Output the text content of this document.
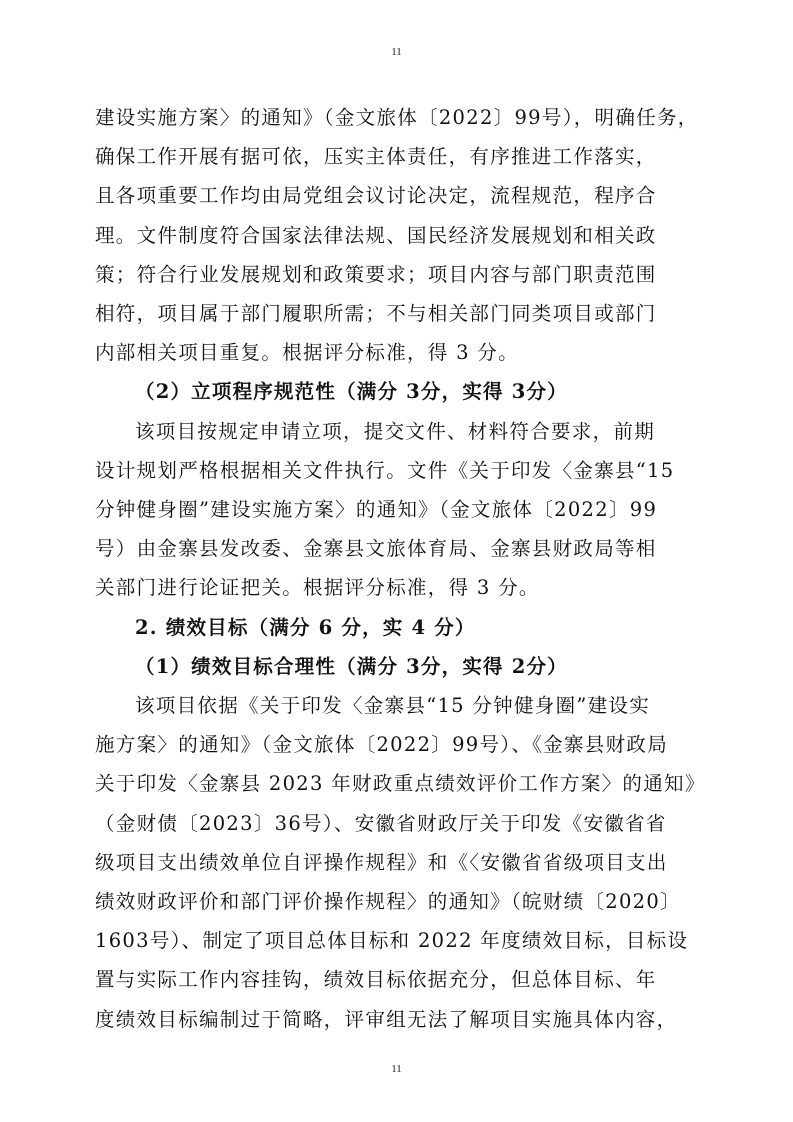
11

建设实施方案〉的通知》（金文旅体〔2022〕99号），明确任务，
确保工作开展有据可依，压实主体责任，有序推进工作落实，
且各项重要工作均由局党组会议讨论决定，流程规范，程序合
理。文件制度符合国家法律法规、国民经济发展规划和相关政
策；符合行业发展规划和政策要求；项目内容与部门职责范围
相符，项目属于部门履职所需；不与相关部门同类项目或部门
内部相关项目重复。根据评分标准，得 3 分。

（2）立项程序规范性（满分 3分，实得 3分）

该项目按规定申请立项，提交文件、材料符合要求，前期
设计规划严格根据相关文件执行。文件《关于印发〈金寨县“15
分钟健身圈”建设实施方案〉的通知》（金文旅体〔2022〕99
号）由金寨县发改委、金寨县文旅体育局、金寨县财政局等相
关部门进行论证把关。根据评分标准，得 3 分。

2. 绩效目标（满分 6 分，实 4 分）

（1）绩效目标合理性（满分 3分，实得 2分）

该项目依据《关于印发〈金寨县“15 分钟健身圈”建设实
施方案〉的通知》（金文旅体〔2022〕99号）、《金寨县财政局
关于印发〈金寨县 2023 年财政重点绩效评价工作方案〉的通知》
（金财债〔2023〕36号）、安徽省财政厅关于印发《安徽省省
级项目支出绩效单位自评操作规程》和《〈安徽省省级项目支出
绩效财政评价和部门评价操作规程〉的通知》（皖财绩〔2020〕
1603号）、制定了项目总体目标和 2022 年度绩效目标，目标设
置与实际工作内容挂钩，绩效目标依据充分，但总体目标、年
度绩效目标编制过于简略，评审组无法了解项目实施具体内容，

11
